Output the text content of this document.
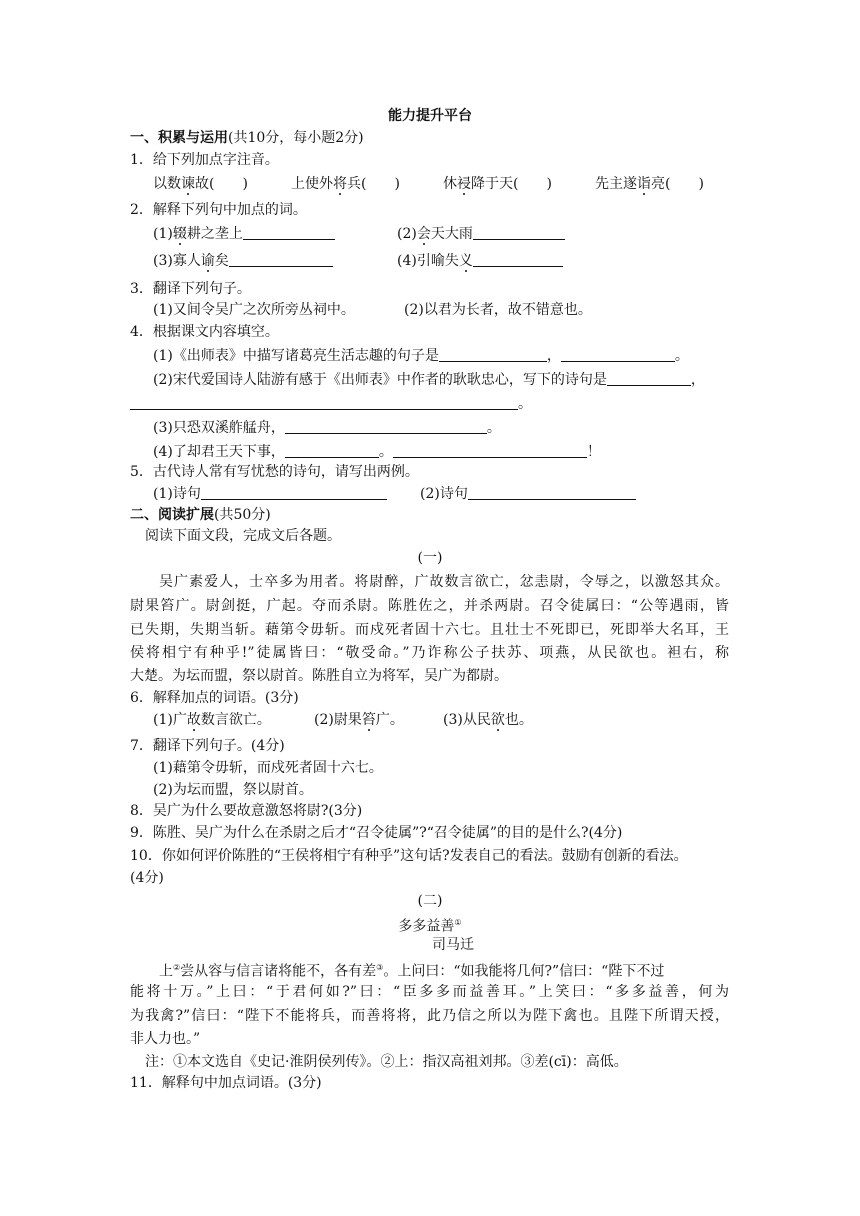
能力提升平台
一、积累与运用(共10分，每小题2分)
1．给下列加点字注音。
以数谏故(　　)	上使外将兵(　　)	休祲降于天(　　)	先主遂诣亮(　　)
2．解释下列句中加点的词。
(1)辍耕之垄上	(2)会天大雨
(3)寡人谕矣	(4)引喻失义
3．翻译下列句子。
(1)又间令吴广之次所旁丛祠中。	(2)以君为长者，故不错意也。
4．根据课文内容填空。
(1)《出师表》中描写诸葛亮生活志趣的句子是	，	。
(2)宋代爱国诗人陆游有感于《出师表》中作者的耿耿忠心，写下的诗句是	，
。
(3)只恐双溪舴艋舟，	。
(4)了却君王天下事，	。	！
5．古代诗人常有写忧愁的诗句，请写出两例。
(1)诗句	(2)诗句
二、阅读扩展(共50分)
阅读下面文段，完成文后各题。
(一)
吴广素爱人，士卒多为用者。将尉醉，广故数言欲亡，忿恚尉，令辱之，以激怒其众。
尉果笞广。尉剑挺，广起。夺而杀尉。陈胜佐之，并杀两尉。召令徒属曰：“公等遇雨，皆
已失期，失期当斩。藉第令毋斩。而戍死者固十六七。且壮士不死即已，死即举大名耳，王
侯将相宁有种乎!”徒属皆曰：“敬受命。”乃诈称公子扶苏、项燕，从民欲也。袒右，称
大楚。为坛而盟，祭以尉首。陈胜自立为将军，吴广为都尉。
6．解释加点的词语。(3分)
(1)广故数言欲亡。	(2)尉果笞广。	(3)从民欲也。
7．翻译下列句子。(4分)
(1)藉第令毋斩，而戍死者固十六七。
(2)为坛而盟，祭以尉首。
8．吴广为什么要故意激怒将尉?(3分)
9．陈胜、吴广为什么在杀尉之后才“召令徒属”?“召令徒属”的目的是什么?(4分)
10．你如何评价陈胜的“王侯将相宁有种乎”这句话?发表自己的看法。鼓励有创新的看法。
(4分)
(二)
多多益善①
司马迁
上②尝从容与信言诸将能不，各有差③。上问曰：“如我能将几何?”信曰：“陛下不过
能将十万。”上曰：“于君何如?”曰：“臣多多而益善耳。”上笑曰：“多多益善，何为
为我禽?”信曰：“陛下不能将兵，而善将将，此乃信之所以为陛下禽也。且陛下所谓天授，
非人力也。”
注：①本文选自《史记·淮阴侯列传》。②上：指汉高祖刘邦。③差(cī)：高低。
11．解释句中加点词语。(3分)
